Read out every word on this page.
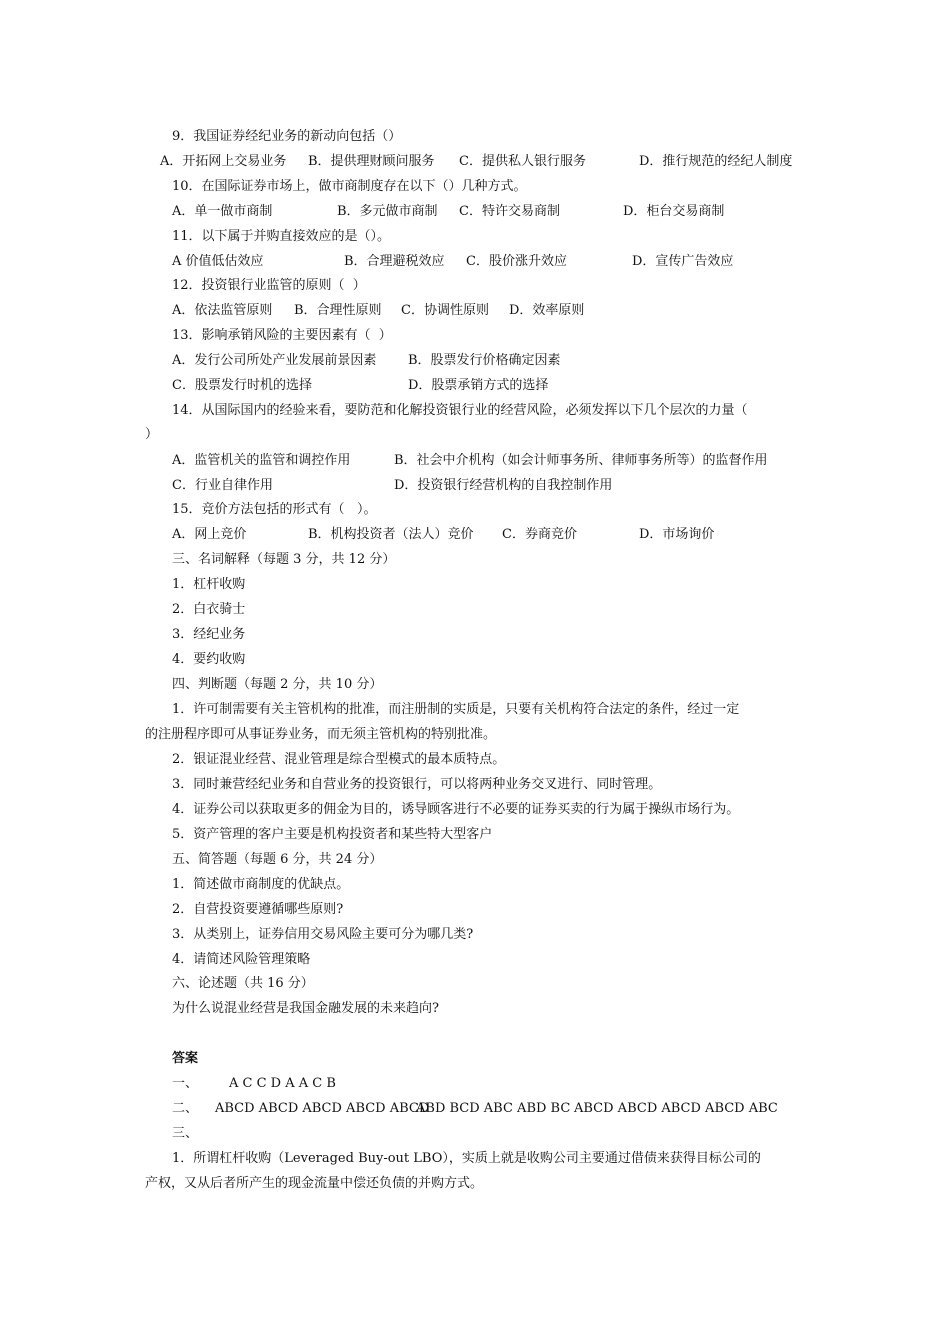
9．我国证券经纪业务的新动向包括（）
A．开拓网上交易业务 B．提供理财顾问服务 C．提供私人银行服务	D．推行规范的经纪人制度
10．在国际证券市场上，做市商制度存在以下（）几种方式。
A．单一做市商制	B．多元做市商制 C．特许交易商制	D．柜台交易商制
11．以下属于并购直接效应的是（）。
A 价值低估效应	B．合理避税效应 C．股价涨升效应	D．宣传广告效应
12．投资银行业监管的原则（  ）
A．依法监管原则 B．合理性原则 C．协调性原则 D．效率原则
13．影响承销风险的主要因素有（  ）
A．发行公司所处产业发展前景因素 B．股票发行价格确定因素
C．股票发行时机的选择	D．股票承销方式的选择
14．从国际国内的经验来看，要防范和化解投资银行业的经营风险，必须发挥以下几个层次的力量（
）
A．监管机关的监管和调控作用	B．社会中介机构（如会计师事务所、律师事务所等）的监督作用
C．行业自律作用	D．投资银行经营机构的自我控制作用
15．竞价方法包括的形式有（   ）。
A．网上竞价	B．机构投资者（法人）竞价 C．券商竞价	D．市场询价
三、名词解释（每题 3 分，共 12 分）
1．杠杆收购
2．白衣骑士
3．经纪业务
4．要约收购
四、判断题（每题 2 分，共 10 分）
1．许可制需要有关主管机构的批准，而注册制的实质是，只要有关机构符合法定的条件，经过一定
的注册程序即可从事证券业务，而无须主管机构的特别批准。
2．银证混业经营、混业管理是综合型模式的最本质特点。
3．同时兼营经纪业务和自营业务的投资银行，可以将两种业务交叉进行、同时管理。
4．证券公司以获取更多的佣金为目的，诱导顾客进行不必要的证券买卖的行为属于操纵市场行为。
5．资产管理的客户主要是机构投资者和某些特大型客户
五、简答题（每题 6 分，共 24 分）
1．简述做市商制度的优缺点。
2．自营投资要遵循哪些原则?
3．从类别上，证券信用交易风险主要可分为哪几类?
4．请简述风险管理策略
六、论述题（共 16 分）
为什么说混业经营是我国金融发展的未来趋向?
答案
一、 A C C D A A C B
二、 ABCD ABCD ABCD ABCD ABCD
ABD BCD ABC ABD BC ABCD ABCD ABCD ABCD ABC
三、
1．所谓杠杆收购（Leveraged Buy-out LBO），实质上就是收购公司主要通过借债来获得目标公司的
产权，又从后者所产生的现金流量中偿还负债的并购方式。
